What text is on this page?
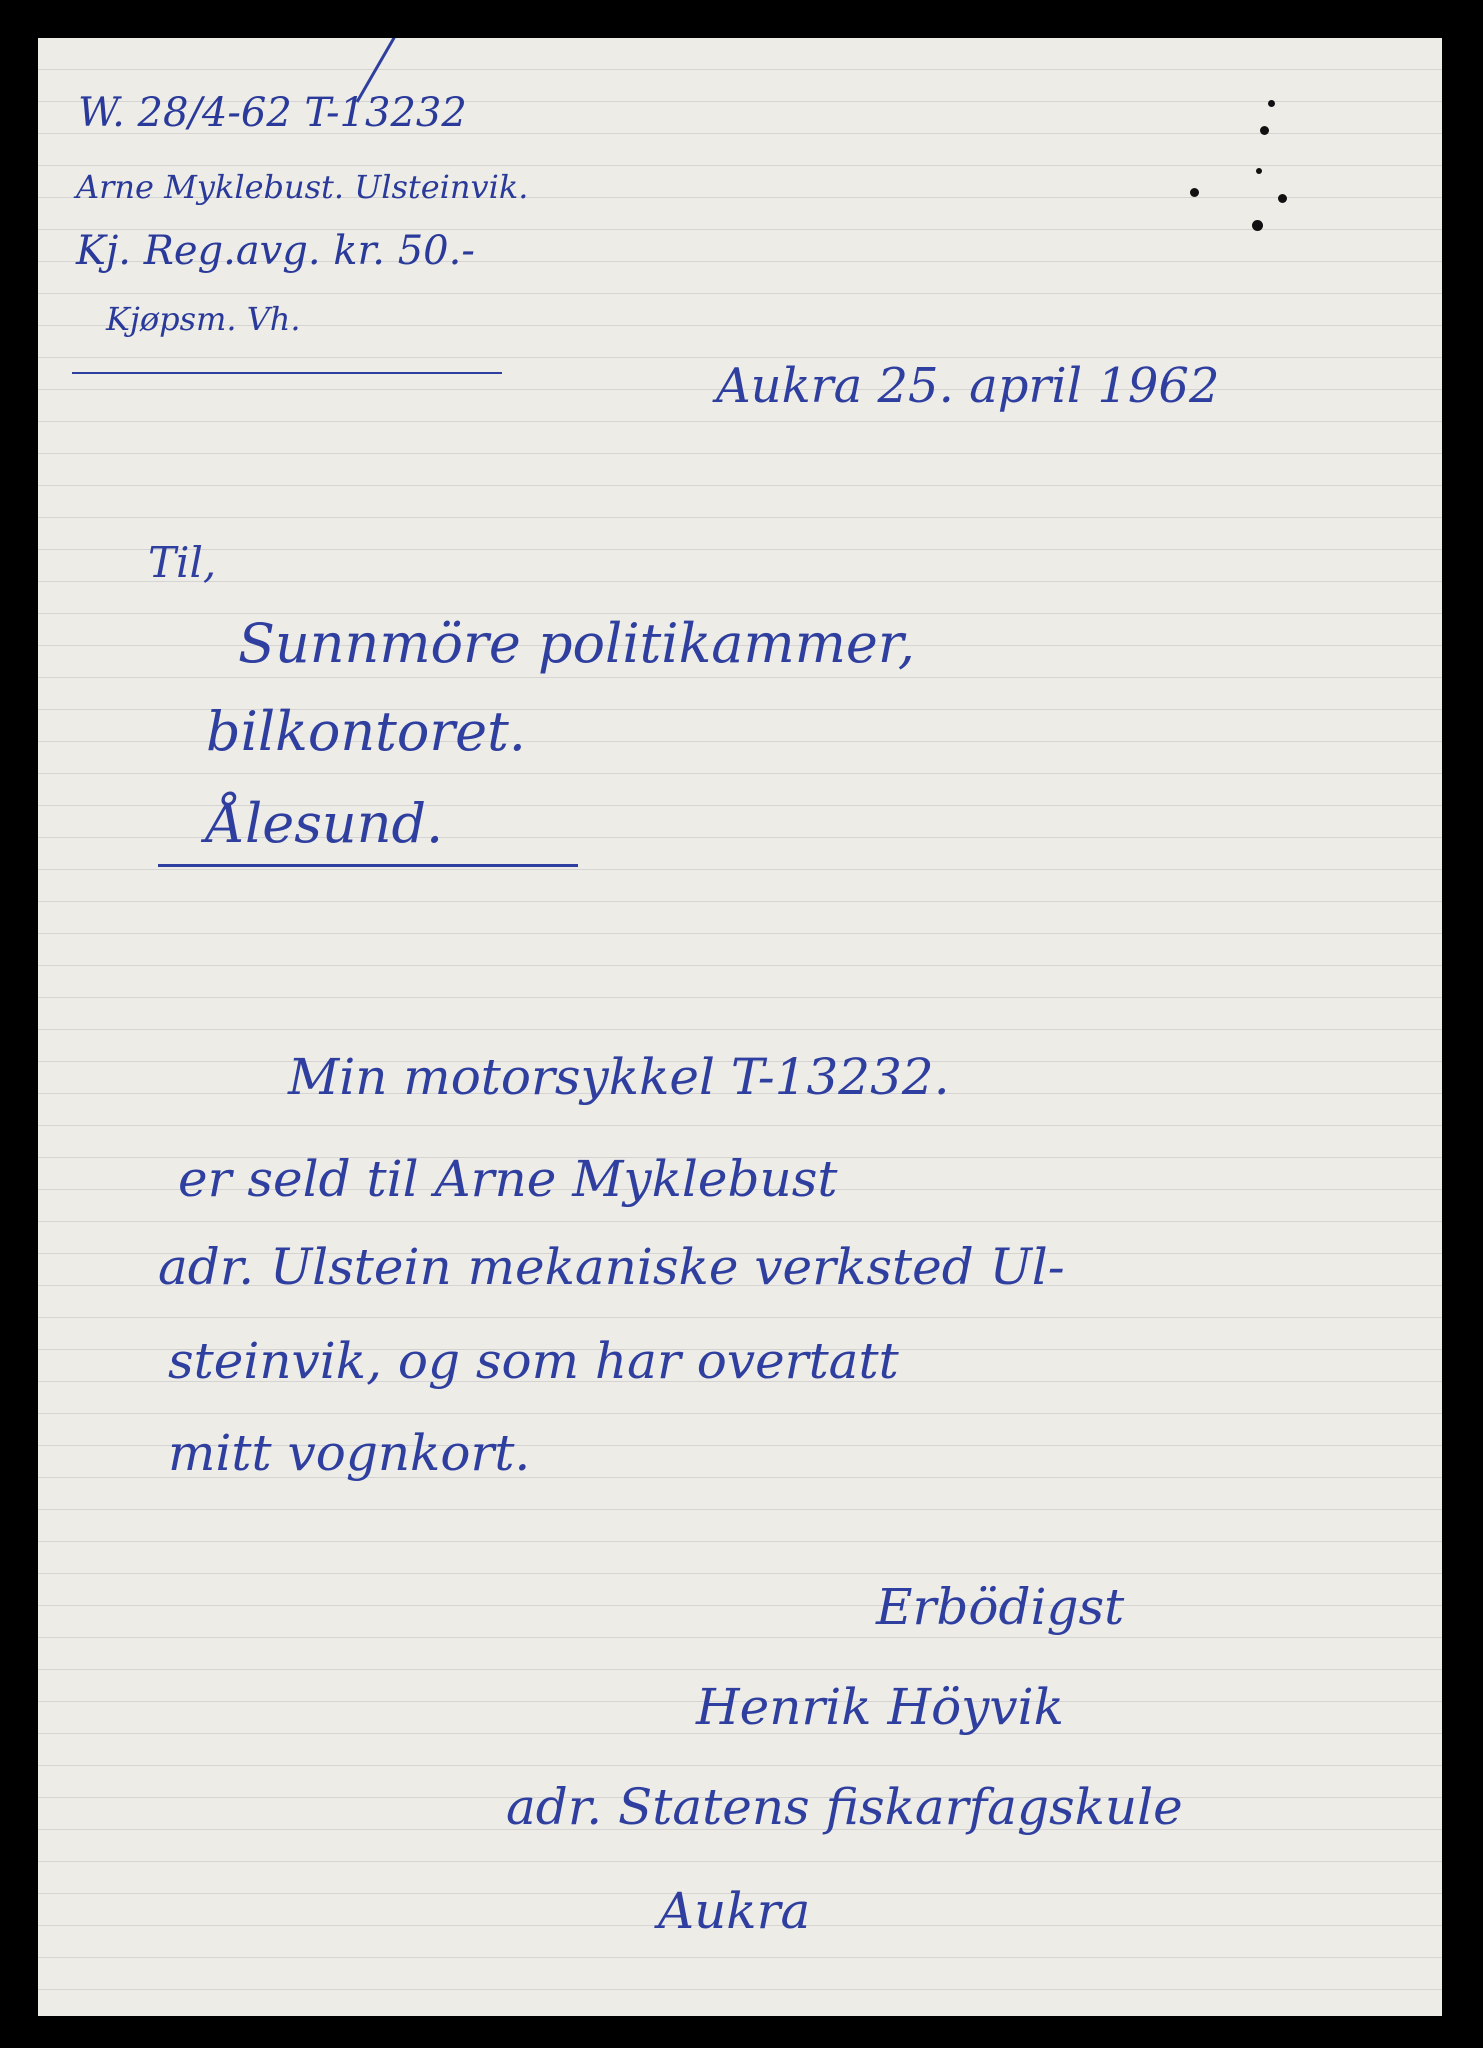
W. 28/4-62 T-13232
Arne Myklebust. Ulsteinvik.
Kj. Reg.avg. kr. 50.-
Kjøpsm. Vh.
Aukra 25. april 1962
Til,
Sunnmöre politikammer,
bilkontoret.
Ålesund.
Min motorsykkel T-13232.
er seld til Arne Myklebust
adr. Ulstein mekaniske verksted Ul-
steinvik, og som har overtatt
mitt vognkort.
Erbödigst
Henrik Höyvik
adr. Statens fiskarfagskule
Aukra
